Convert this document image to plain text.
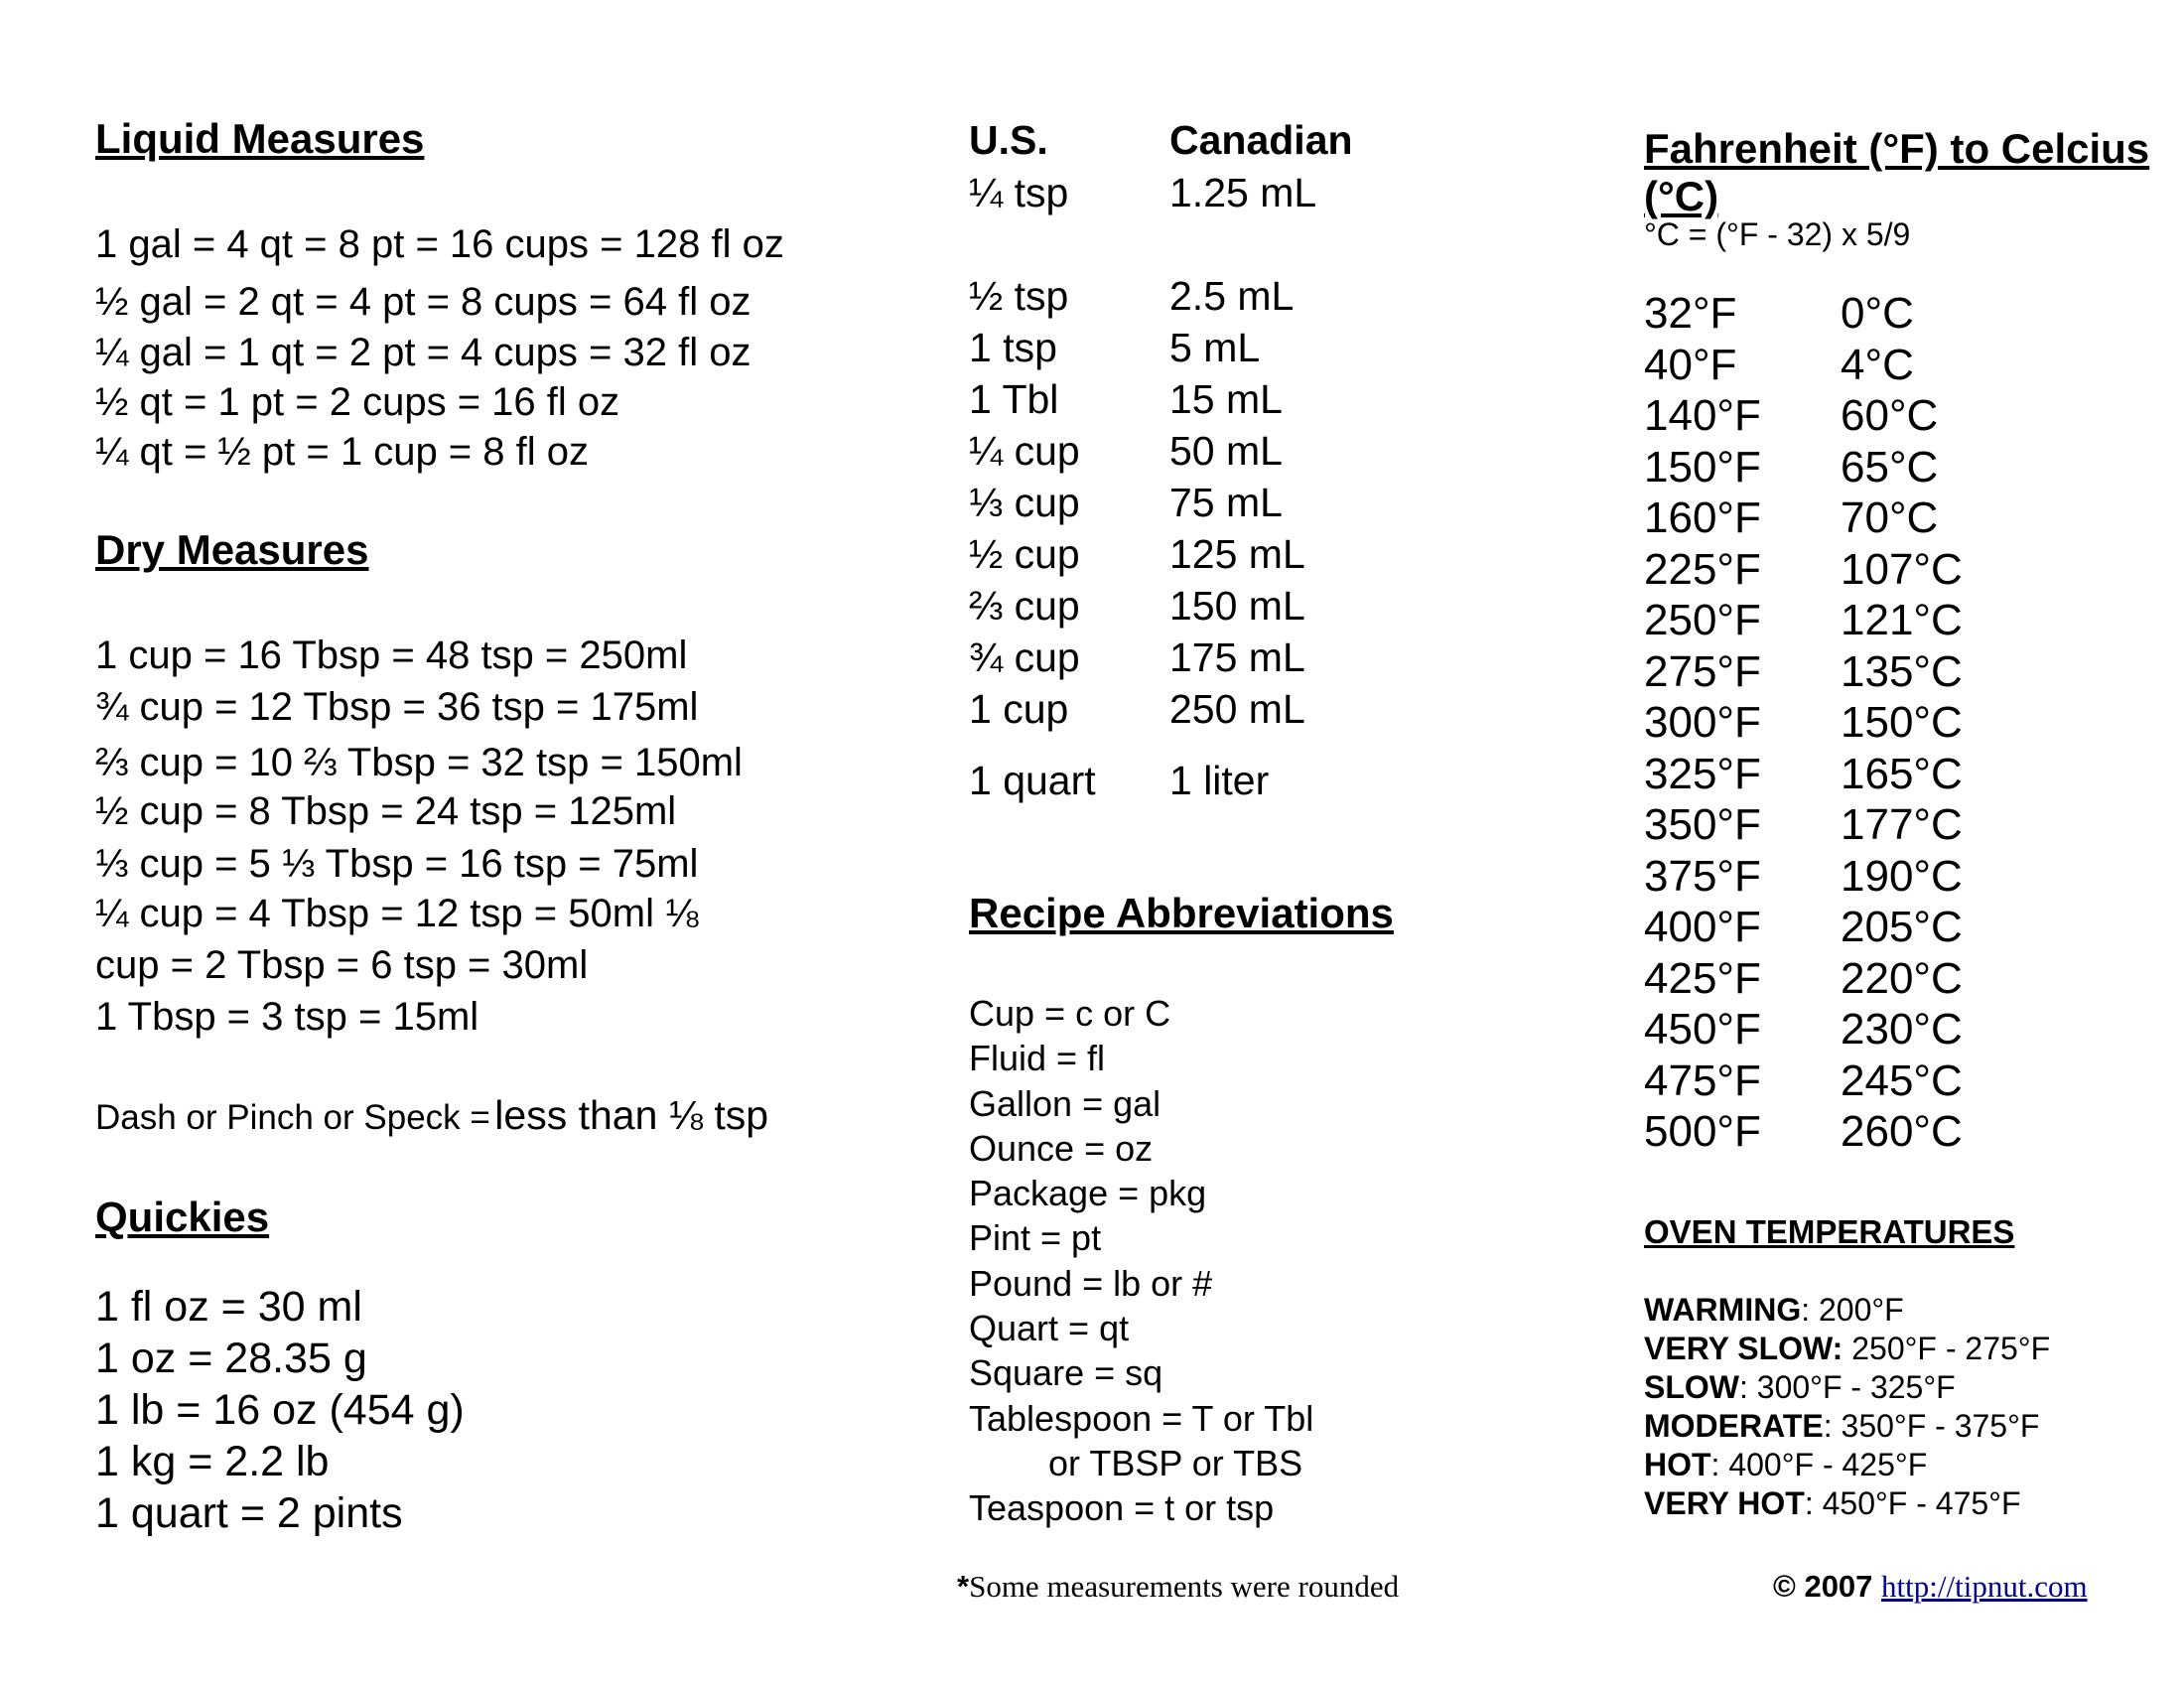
Liquid Measures
1 gal = 4 qt = 8 pt = 16 cups = 128 fl oz
½ gal = 2 qt = 4 pt = 8 cups = 64 fl oz
¼ gal = 1 qt = 2 pt = 4 cups = 32 fl oz
½ qt = 1 pt = 2 cups = 16 fl oz
¼ qt = ½ pt = 1 cup = 8 fl oz
Dry Measures
1 cup = 16 Tbsp = 48 tsp = 250ml
¾ cup = 12 Tbsp = 36 tsp = 175ml
⅔ cup = 10 ⅔ Tbsp = 32 tsp = 150ml
½ cup = 8 Tbsp = 24 tsp = 125ml
⅓ cup = 5 ⅓ Tbsp = 16 tsp = 75ml
¼ cup = 4 Tbsp = 12 tsp = 50ml ⅛
cup = 2 Tbsp = 6 tsp = 30ml
1 Tbsp = 3 tsp = 15ml
Dash or Pinch or Speck = less than ⅛ tsp
Quickies
1 fl oz = 30 ml
1 oz = 28.35 g
1 lb = 16 oz (454 g)
1 kg = 2.2 lb
1 quart = 2 pints
U.S.	Canadian
¼ tsp	1.25 mL
½ tsp	2.5 mL
1 tsp	5 mL
1 Tbl	15 mL
¼ cup	50 mL
⅓ cup	75 mL
½ cup	125 mL
⅔ cup	150 mL
¾ cup	175 mL
1 cup	250 mL
1 quart	1 liter
Recipe Abbreviations
Cup = c or C
Fluid = fl
Gallon = gal
Ounce = oz
Package = pkg
Pint = pt
Pound = lb or #
Quart = qt
Square = sq
Tablespoon = T or Tbl
or TBSP or TBS
Teaspoon = t or tsp
*Some measurements were rounded
Fahrenheit (°F) to Celcius (°C)
°C = (°F - 32) x 5/9
32°F	0°C
40°F	4°C
140°F	60°C
150°F	65°C
160°F	70°C
225°F	107°C
250°F	121°C
275°F	135°C
300°F	150°C
325°F	165°C
350°F	177°C
375°F	190°C
400°F	205°C
425°F	220°C
450°F	230°C
475°F	245°C
500°F	260°C
OVEN TEMPERATURES
WARMING: 200°F
VERY SLOW: 250°F - 275°F
SLOW: 300°F - 325°F
MODERATE: 350°F - 375°F
HOT: 400°F - 425°F
VERY HOT: 450°F - 475°F
© 2007 http://tipnut.com
